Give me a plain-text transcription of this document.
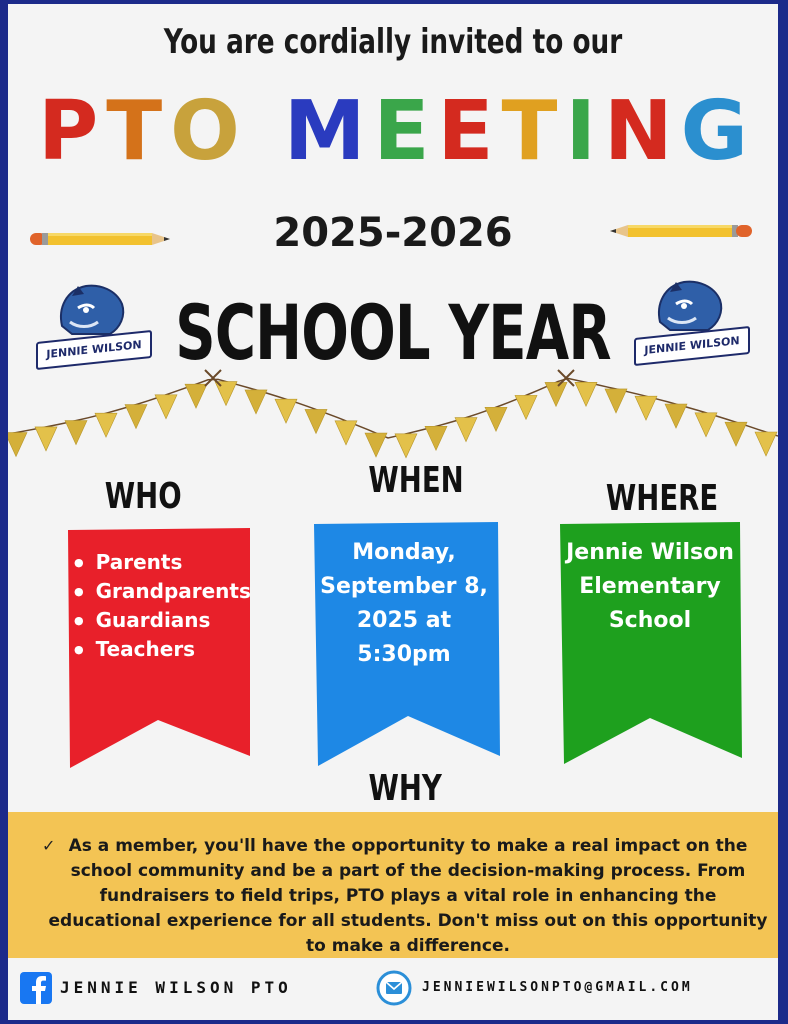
You are cordially invited to our
PTO MEETING
2025-2026
SCHOOL YEAR
JENNIE WILSON	JENNIE WILSON
WHO	WHEN	WHERE
● Parents
● Grandparents
● Guardians
● Teachers
Monday,
September 8,
2025 at
5:30pm
Jennie Wilson
Elementary
School
WHY
✓ As a member, you'll have the opportunity to make a real impact on the school community and be a part of the decision-making process. From fundraisers to field trips, PTO plays a vital role in enhancing the educational experience for all students. Don't miss out on this opportunity to make a difference.
JENNIE WILSON PTO	JENNIEWILSONPTO@GMAIL.COM
